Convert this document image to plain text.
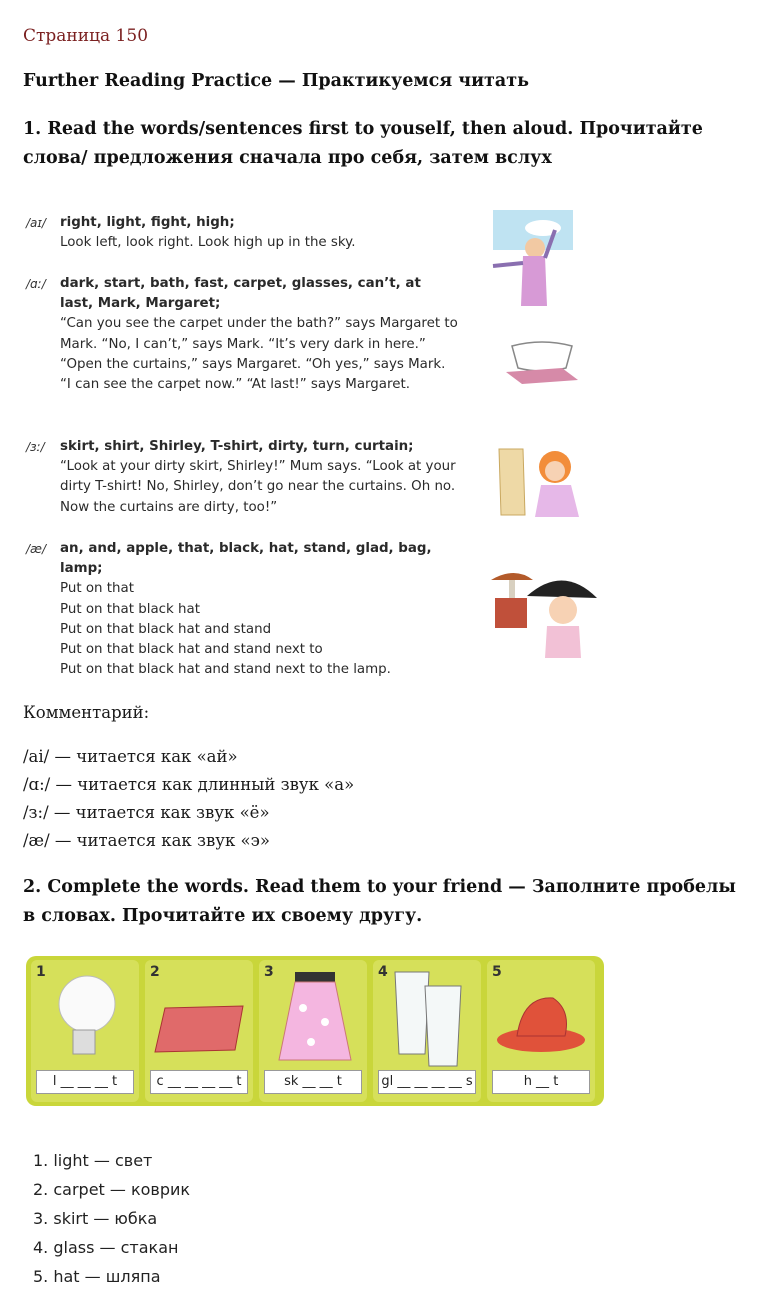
Страница 150
Further Reading Practice — Практикуемся читать
1. Read the words/sentences first to youself, then aloud. Прочитайте слова/ предложения сначала про себя, затем вслух
/aɪ/ right, light, fight, high;
Look left, look right. Look high up in the sky.
/ɑː/ dark, start, bath, fast, carpet, glasses, can’t, at last, Mark, Margaret;
“Can you see the carpet under the bath?” says Margaret to Mark. “No, I can’t,” says Mark. “It’s very dark in here.” “Open the curtains,” says Margaret. “Oh yes,” says Mark. “I can see the carpet now.” “At last!” says Margaret.
/ɜː/ skirt, shirt, Shirley, T-shirt, dirty, turn, curtain;
“Look at your dirty skirt, Shirley!” Mum says. “Look at your dirty T-shirt! No, Shirley, don’t go near the curtains. Oh no. Now the curtains are dirty, too!”
/æ/ an, and, apple, that, black, hat, stand, glad, bag, lamp;
Put on that
Put on that black hat
Put on that black hat and stand
Put on that black hat and stand next to
Put on that black hat and stand next to the lamp.
Комментарий:
/ai/ — читается как «ай»
/ɑ:/ — читается как длинный звук «а»
/з:/ — читается как звук «ё»
/æ/ — читается как звук «э»
2. Complete the words. Read them to your friend — Заполните пробелы в словах. Прочитайте их своему другу.
1
l __ __ __ t
2
c __ __ __ __ t
3
sk __ __ t
4
gl __ __ __ __ s
5
h __ t
1. light — свет
2. carpet — коврик
3. skirt — юбка
4. glass — стакан
5. hat — шляпа
